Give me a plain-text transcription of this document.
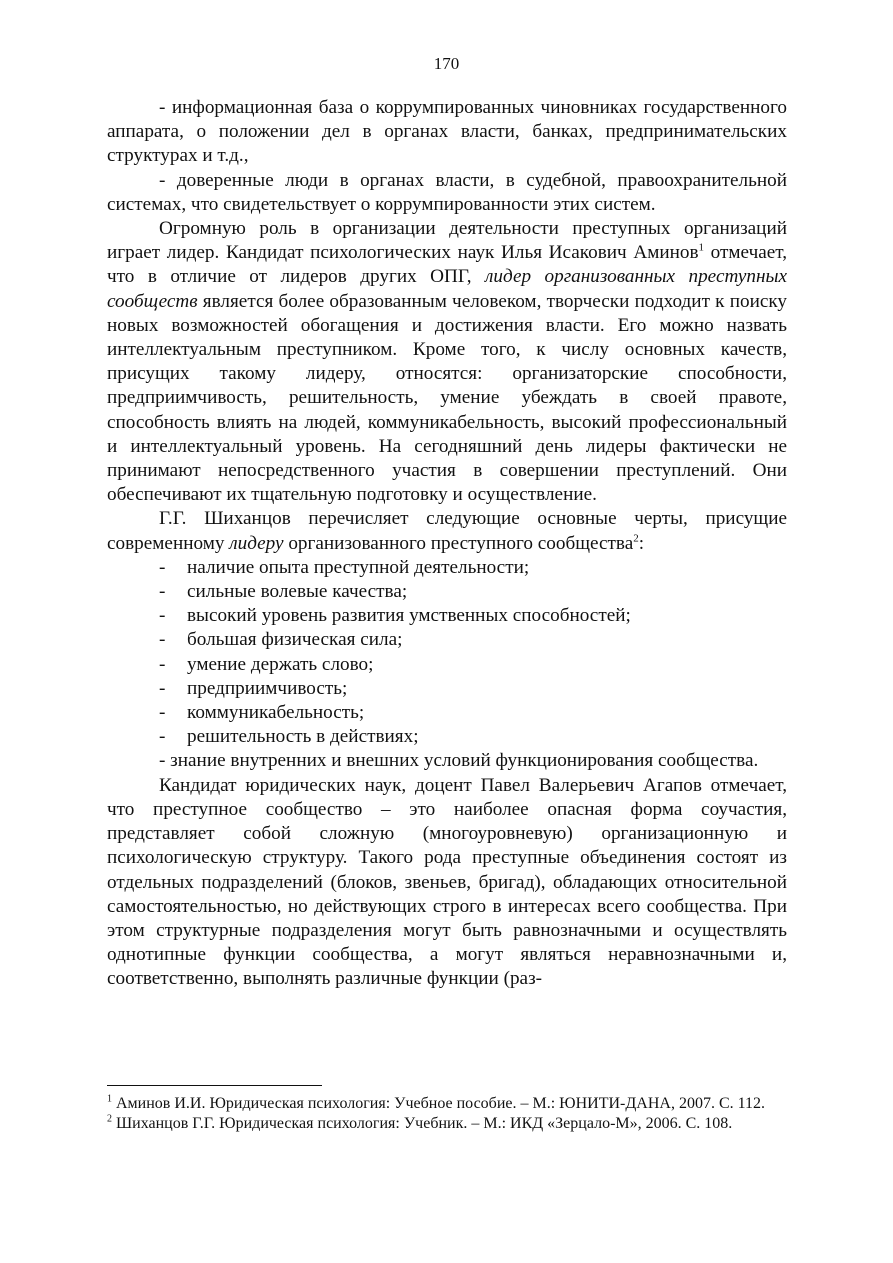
170

- информационная база о коррумпированных чиновниках государственного аппарата, о положении дел в органах власти, банках, предпринимательских структурах и т.д.,

- доверенные люди в органах власти, в судебной, правоохранительной системах, что свидетельствует о коррумпированности этих систем.

Огромную роль в организации деятельности преступных организаций играет лидер. Кандидат психологических наук Илья Исакович Аминов$^1$ отмечает, что в отличие от лидеров других ОПГ, лидер организованных преступных сообществ является более образованным человеком, творчески подходит к поиску новых возможностей обогащения и достижения власти. Его можно назвать интеллектуальным преступником. Кроме того, к числу основных качеств, присущих такому лидеру, относятся: организаторские способности, предприимчивость, решительность, умение убеждать в своей правоте, способность влиять на людей, коммуникабельность, высокий профессиональный и интеллектуальный уровень. На сегодняшний день лидеры фактически не принимают непосредственного участия в совершении преступлений. Они обеспечивают их тщательную подготовку и осуществление.

Г.Г. Шиханцов перечисляет следующие основные черты, присущие современному лидеру организованного преступного сообщества$^2$:

- наличие опыта преступной деятельности;

- сильные волевые качества;

- высокий уровень развития умственных способностей;

- большая физическая сила;

- умение держать слово;

- предприимчивость;

- коммуникабельность;

- решительность в действиях;

- знание внутренних и внешних условий функционирования сообщества.

Кандидат юридических наук, доцент Павел Валерьевич Агапов отмечает, что преступное сообщество – это наиболее опасная форма соучастия, представляет собой сложную (многоуровневую) организационную и психологическую структуру. Такого рода преступные объединения состоят из отдельных подразделений (блоков, звеньев, бригад), обладающих относительной самостоятельностью, но действующих строго в интересах всего сообщества. При этом структурные подразделения могут быть равнозначными и осуществлять однотипные функции сообщества, а могут являться неравнозначными и, соответственно, выполнять различные функции (раз-

$^1$ Аминов И.И. Юридическая психология: Учебное пособие. – М.: ЮНИТИ-ДАНА, 2007. С. 112.

$^2$ Шиханцов Г.Г. Юридическая психология: Учебник. – М.: ИКД «Зерцало-М», 2006. С. 108.
